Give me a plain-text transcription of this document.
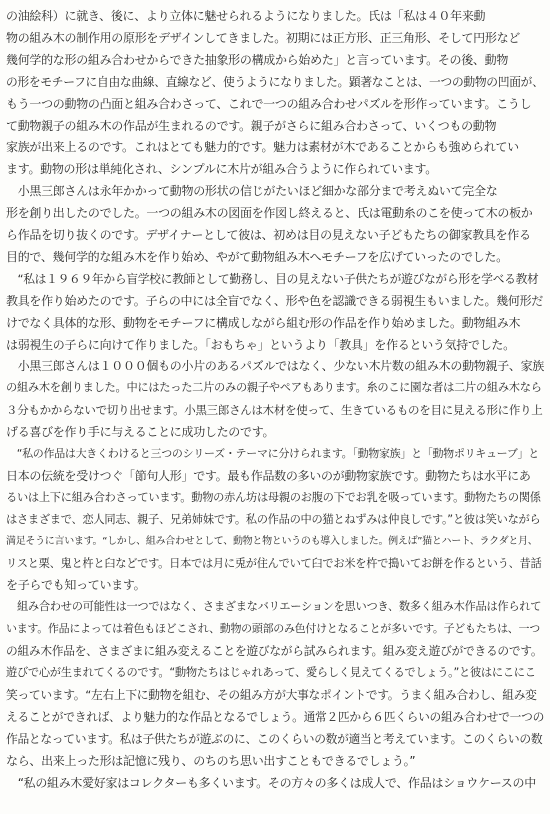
の油絵科）に就き、後に、より立体に魅せられるようになりました。氏は「私は４０年来動
物の組み木の制作用の原形をデザインしてきました。初期には正方形、正三角形、そして円形など
幾何学的な形の組み合わせからできた抽象形の構成から始めた」と言っています。その後、動物
の形をモチーフに自由な曲線、直線など、使うようになりました。顕著なことは、一つの動物の凹面が、
もう一つの動物の凸面と組み合わさって、これで一つの組み合わせパズルを形作っています。こうし
て動物親子の組み木の作品が生まれるのです。親子がさらに組み合わさって、いくつもの動物
家族が出来上るのです。これはとても魅力的です。魅力は素材が木であることからも強められてい
ます。動物の形は単純化され、シンプルに木片が組み合うように作られています。
　小黒三郎さんは永年かかって動物の形状の信じがたいほど細かな部分まで考えぬいて完全な
形を創り出したのでした。一つの組み木の図面を作図し終えると、氏は電動糸のこを使って木の板か
ら作品を切り抜くのです。デザイナーとして彼は、初めは目の見えない子どもたちの御家教具を作る
目的で、幾何学的な組み木を作り始め、やがて動物組み木へモチーフを広げていったのでした。
　“私は１９６９年から盲学校に教師として勤務し、目の見えない子供たちが遊びながら形を学べる教材
教具を作り始めたのです。子らの中には全盲でなく、形や色を認識できる弱視生もいました。幾何形だ
けでなく具体的な形、動物をモチーフに構成しながら組む形の作品を作り始めました。動物組み木
は弱視生の子らに向けて作りました。「おもちゃ」というより「教具」を作るという気持でした。
　小黒三郎さんは１０００個もの小片のあるパズルではなく、少ない木片数の組み木の動物親子、家族
の組み木を創りました。中にはたった二片のみの親子やペアもあります。糸のこに園な者は二片の組み木なら
３分もかからないで切り出せます。小黒三郎さんは木材を使って、生きているものを目に見える形に作り上
げる喜びを作り手に与えることに成功したのです。
　“私の作品は大きくわけると三つのシリーズ・テーマに分けられます。「動物家族」と「動物ポリキューブ」と
日本の伝統を受けつぐ「節句人形」です。最も作品数の多いのが動物家族です。動物たちは水平にあ
るいは上下に組み合わさっています。動物の赤ん坊は母親のお腹の下でお乳を吸っています。動物たちの関係
はさまざまで、恋人同志、親子、兄弟姉妹です。私の作品の中の猫とねずみは仲良しです。”と彼は笑いながら
満足そうに言います。“しかし、組み合わせとして、動物と物というのも導入しました。例えば”猫とハート、ラクダと月、
リスと栗、鬼と杵と臼などです。日本では月に兎が住んでいて臼でお米を杵で搗いてお餅を作るという、昔話
を子らでも知っています。
　組み合わせの可能性は一つではなく、さまざまなバリエーションを思いつき、数多く組み木作品は作られて
います。作品によっては着色もほどこされ、動物の頭部のみ色付けとなることが多いです。子どもたちは、一つ
の組み木作品を、さまざまに組み変えることを遊びながら試みられます。組み変え遊びができるのです。
遊びで心が生まれてくるのです。“動物たちはじゃれあって、愛らしく見えてくるでしょう。”と彼はにこにこ
笑っています。“左右上下に動物を組む、その組み方が大事なポイントです。うまく組み合わし、組み変
えることができれば、より魅力的な作品となるでしょう。通常２匹から６匹くらいの組み合わせで一つの
作品となっています。私は子供たちが遊ぶのに、このくらいの数が適当と考えています。このくらいの数
なら、出来上った形は記憶に残り、のちのち思い出すこともできるでしょう。”
　“私の組み木愛好家はコレクターも多くいます。その方々の多くは成人で、作品はショウケースの中
